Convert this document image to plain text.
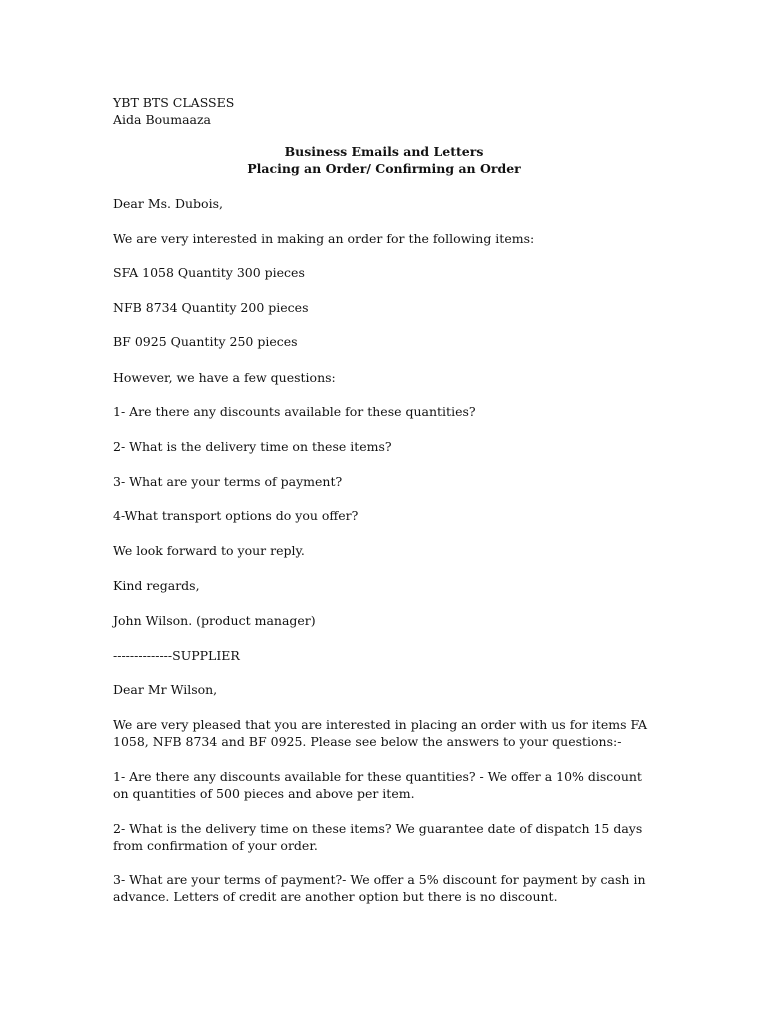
YBT BTS CLASSES
Aida Boumaaza
Business Emails and Letters
Placing an Order/ Confirming an Order
Dear Ms. Dubois,
We are very interested in making an order for the following items:
SFA 1058 Quantity 300 pieces
NFB 8734 Quantity 200 pieces
BF 0925 Quantity 250 pieces
However, we have a few questions:
1- Are there any discounts available for these quantities?
2- What is the delivery time on these items?
3- What are your terms of payment?
4-What transport options do you offer?
We look forward to your reply.
Kind regards,
John Wilson. (product manager)
--------------SUPPLIER
Dear Mr Wilson,
We are very pleased that you are interested in placing an order with us for items FA 1058, NFB 8734 and BF 0925. Please see below the answers to your questions:-
1- Are there any discounts available for these quantities? - We offer a 10% discount on quantities of 500 pieces and above per item.
2- What is the delivery time on these items? We guarantee date of dispatch 15 days from confirmation of your order.
3- What are your terms of payment?- We offer a 5% discount for payment by cash in advance. Letters of credit are another option but there is no discount.
